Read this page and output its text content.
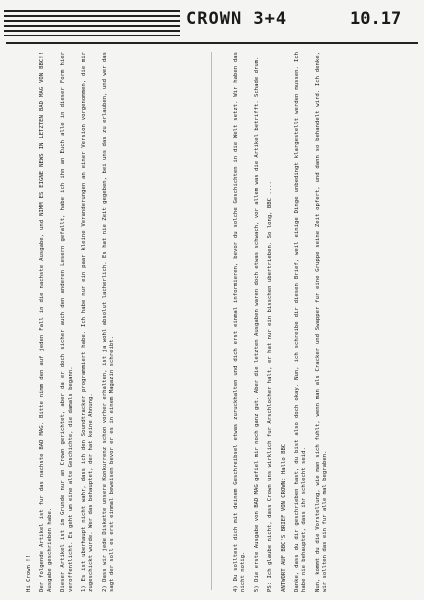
CROWN 3+4	10.17

Hi Crown !! Der folgende Artikel ist fur das nachste BAD MAG. Bitte nimm den auf jeden Fall in die nachste Ausgabe, und NIMM ES EIGNE NEWS IN LETZTEN BAD MAG VON BBC!! Ausgabe geschrieben habe. Dieser Artikel ist im Grunde nur an Crown gerichtet, aber da er doch sicher auch den anderen Lesern gefallt, habe ich ihn an Euch alle in dieser Form hier veroffentlicht. Es geht um eine alte Geschichte, die damals begann. 1) Es ist uberhaupt nicht wahr, dass ich den Soundtracker programmiert habe. Ich habe nur ein paar kleine Veranderungen an einer Version vorgenommen, die mir zugeschickt wurde. Wer das behauptet, der hat keine Ahnung. 2) Dass wir jede Diskette unsere Konkurrenz schon vorher erhalten, ist ja wohl absolut lacherlich. Es hat nie Zeit gegeben, bei uns das zu erlauben, und wer das sagt der soll es erst einmal beweisen bevor er es in einem Magazin schreibt.	4) Du solltest dich mit deinem Geschreibsel etwas zuruckhalten und dich erst einmal informieren, bevor du solche Geschichten in die Welt setzt. Wir haben das nicht notig. 5) Die erste Ausgabe von BAD MAG gefiel mir noch ganz gut. Aber die letzten Ausgaben waren doch etwas schwach, vor allem was die Artikel betrifft. Schade drum. PS: Ich glaube nicht, dass Crown uns wirklich fur Arschlocher halt, er hat nur ein bisschen ubertrieben. So long, BBC .... ANTWORT AUF BBC'S BRIEF VON CROWN: Hallo BBC Danke, dass du dir geschrieben hast, du bist also doch okay. Nun, ich schreibe dir diesen Brief, weil einige Dinge unbedingt klargestellt werden mussen. Ich habe nie behauptet, dass ihr schlecht seid. Nun, kommt du die Vorstellung, wie man sich fuhlt, wenn man als Cracker und Swapper fur eine Gruppe seine Zeit opfert, und dann so behandelt wird. Ich denke, wir sollten das ein fur alle mal begraben.
